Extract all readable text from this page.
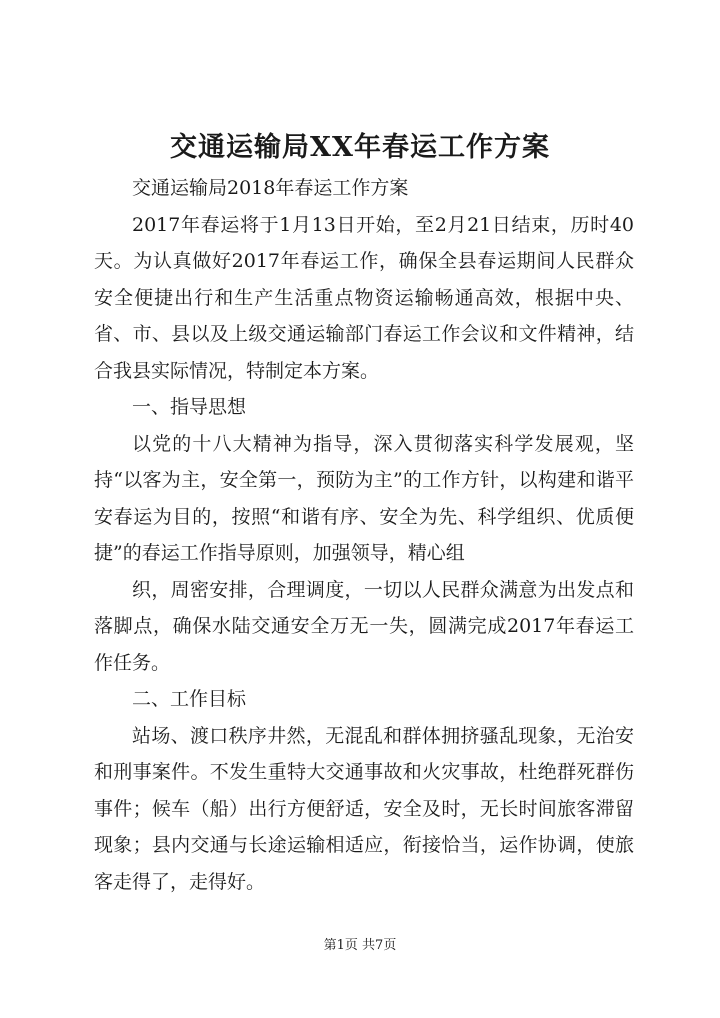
交通运输局XX年春运工作方案

交通运输局2018年春运工作方案

2017年春运将于1月13日开始，至2月21日结束，历时40天。为认真做好2017年春运工作，确保全县春运期间人民群众安全便捷出行和生产生活重点物资运输畅通高效，根据中央、省、市、县以及上级交通运输部门春运工作会议和文件精神，结合我县实际情况，特制定本方案。

一、指导思想

以党的十八大精神为指导，深入贯彻落实科学发展观，坚持“以客为主，安全第一，预防为主”的工作方针，以构建和谐平安春运为目的，按照“和谐有序、安全为先、科学组织、优质便捷”的春运工作指导原则，加强领导，精心组

织，周密安排，合理调度，一切以人民群众满意为出发点和落脚点，确保水陆交通安全万无一失，圆满完成2017年春运工作任务。

二、工作目标

站场、渡口秩序井然，无混乱和群体拥挤骚乱现象，无治安和刑事案件。不发生重特大交通事故和火灾事故，杜绝群死群伤事件；候车（船）出行方便舒适，安全及时，无长时间旅客滞留现象；县内交通与长途运输相适应，衔接恰当，运作协调，使旅客走得了，走得好。

第1页 共7页
